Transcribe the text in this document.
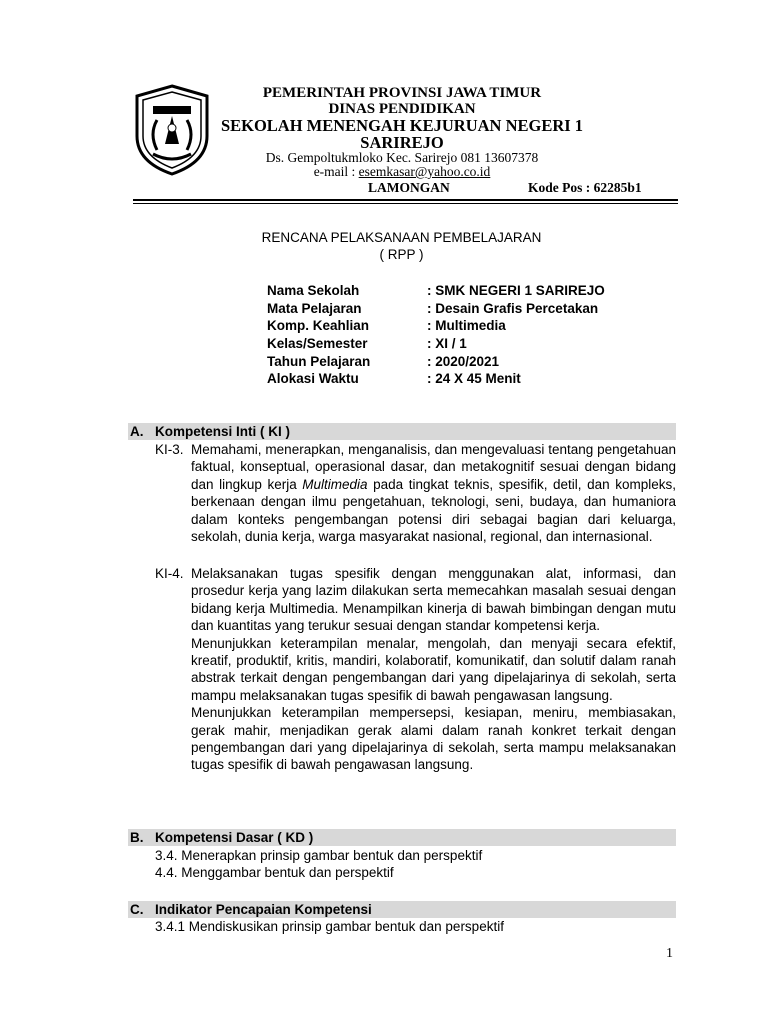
PEMERINTAH PROVINSI JAWA TIMUR
DINAS PENDIDIKAN
SEKOLAH MENENGAH KEJURUAN NEGERI 1
SARIREJO
Ds. Gempoltukmloko Kec. Sarirejo 081 13607378
e-mail : esemkasar@yahoo.co.id
LAMONGAN	Kode Pos : 62285b1
RENCANA PELAKSANAAN PEMBELAJARAN
( RPP )
Nama Sekolah	: SMK NEGERI 1 SARIREJO
Mata Pelajaran	: Desain Grafis Percetakan
Komp. Keahlian	: Multimedia
Kelas/Semester	: XI / 1
Tahun Pelajaran	: 2020/2021
Alokasi Waktu	: 24 X 45 Menit
A. Kompetensi Inti ( KI )
KI-3. Memahami, menerapkan, menganalisis, dan mengevaluasi tentang pengetahuan faktual, konseptual, operasional dasar, dan metakognitif sesuai dengan bidang dan lingkup kerja Multimedia pada tingkat teknis, spesifik, detil, dan kompleks, berkenaan dengan ilmu pengetahuan, teknologi, seni, budaya, dan humaniora dalam konteks pengembangan potensi diri sebagai bagian dari keluarga, sekolah, dunia kerja, warga masyarakat nasional, regional, dan internasional.

KI-4. Melaksanakan tugas spesifik dengan menggunakan alat, informasi, dan prosedur kerja yang lazim dilakukan serta memecahkan masalah sesuai dengan bidang kerja Multimedia. Menampilkan kinerja di bawah bimbingan dengan mutu dan kuantitas yang terukur sesuai dengan standar kompetensi kerja.

Menunjukkan keterampilan menalar, mengolah, dan menyaji secara efektif, kreatif, produktif, kritis, mandiri, kolaboratif, komunikatif, dan solutif dalam ranah abstrak terkait dengan pengembangan dari yang dipelajarinya di sekolah, serta mampu melaksanakan tugas spesifik di bawah pengawasan langsung.

Menunjukkan keterampilan mempersepsi, kesiapan, meniru, membiasakan, gerak mahir, menjadikan gerak alami dalam ranah konkret terkait dengan pengembangan dari yang dipelajarinya di sekolah, serta mampu melaksanakan tugas spesifik di bawah pengawasan langsung.

B. Kompetensi Dasar ( KD )
3.4. Menerapkan prinsip gambar bentuk dan perspektif
4.4. Menggambar bentuk dan perspektif
C. Indikator Pencapaian Kompetensi
3.4.1 Mendiskusikan prinsip gambar bentuk dan perspektif
1
